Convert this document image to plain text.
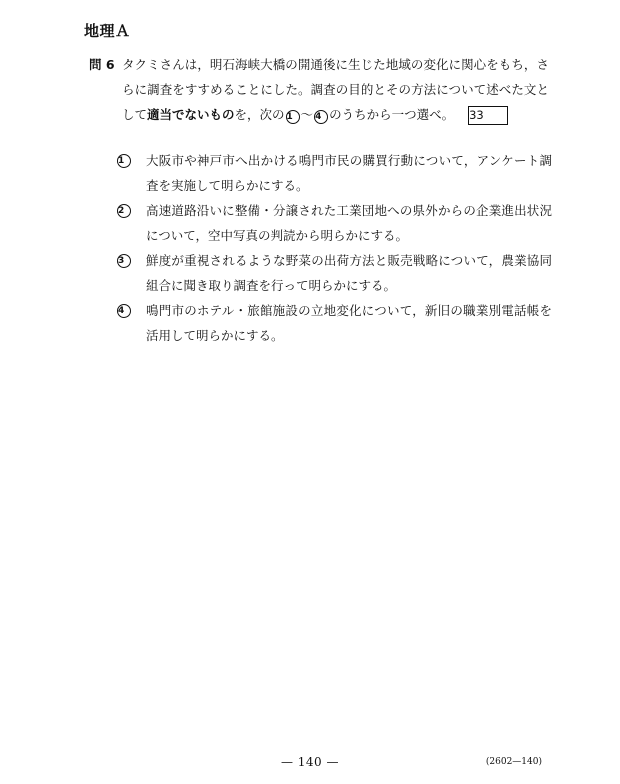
地理Ａ
問 6 タクミさんは，明石海峡大橋の開通後に生じた地域の変化に関心をもち，さらに調査をすすめることにした。調査の目的とその方法について述べた文として適当でないものを，次の 1 〜 4 のうちから一つ選べ。 33
1	大阪市や神戸市へ出かける鳴門市民の購買行動について，アンケート調査を実施して明らかにする。
2	高速道路沿いに整備・分譲された工業団地への県外からの企業進出状況について，空中写真の判読から明らかにする。
3	鮮度が重視されるような野菜の出荷方法と販売戦略について，農業協同組合に聞き取り調査を行って明らかにする。
4	鳴門市のホテル・旅館施設の立地変化について，新旧の職業別電話帳を活用して明らかにする。
— 140 —	(2602—140)
